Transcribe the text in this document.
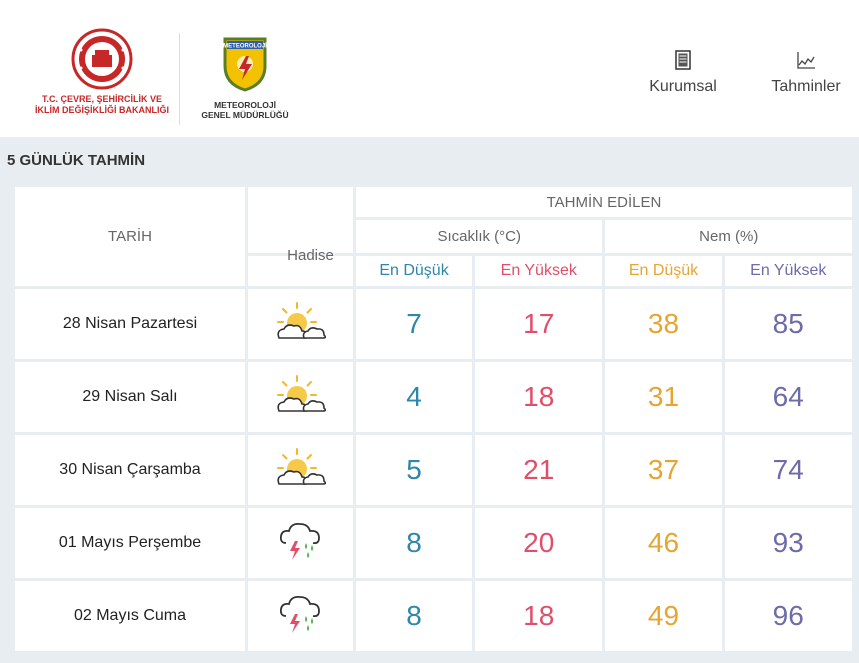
T.C. ÇEVRE, ŞEHİRCİLİK VE
İKLİM DEĞİŞİKLİĞİ BAKANLIĞI
METEOROLOJİ
METEOROLOJİ
GENEL MÜDÜRLÜĞÜ
Kurumsal	Tahminler
5 GÜNLÜK TAHMİN
TARİH		TAHMİN EDİLEN			
		Sıcaklık (°C)		Nem (%)	
		En Düşük	En Yüksek	En Düşük	En Yüksek
28 Nisan Pazartesi		7	17	38	85
29 Nisan Salı		4	18	31	64
30 Nisan Çarşamba		5	21	37	74
01 Mayıs Perşembe		8	20	46	93
02 Mayıs Cuma		8	18	49	96
Hadise
